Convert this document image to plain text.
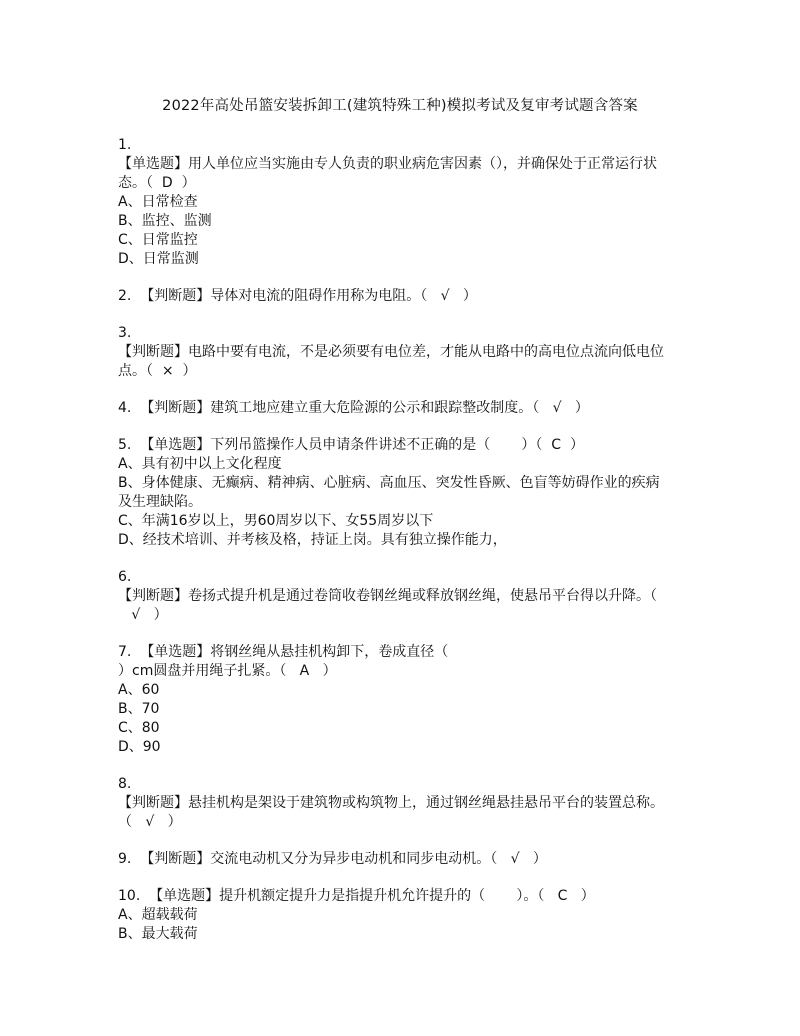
2022年高处吊篮安装拆卸工(建筑特殊工种)模拟考试及复审考试题含答案
1.
【单选题】用人单位应当实施由专人负责的职业病危害因素（），并确保处于正常运行状
态。（  D  ）
A、日常检查
B、监控、监测
C、日常监控
D、日常监测
2.  【判断题】导体对电流的阻碍作用称为电阻。（   √   ）
3.
【判断题】电路中要有电流，不是必须要有电位差，才能从电路中的高电位点流向低电位
点。（  ×  ）
4.  【判断题】建筑工地应建立重大危险源的公示和跟踪整改制度。（   √   ）
5.  【单选题】下列吊篮操作人员申请条件讲述不正确的是（       ）（  C  ）
A、具有初中以上文化程度
B、身体健康、无癫病、精神病、心脏病、高血压、突发性昏厥、色盲等妨碍作业的疾病
及生理缺陷。
C、年满16岁以上，男60周岁以下、女55周岁以下
D、经技术培训、并考核及格，持证上岗。具有独立操作能力，
6.
【判断题】卷扬式提升机是通过卷筒收卷钢丝绳或释放钢丝绳，使悬吊平台得以升降。（
√   ）
7.  【单选题】将钢丝绳从悬挂机构卸下，卷成直径（
）cm圆盘并用绳子扎紧。（   A   ）
A、60
B、70
C、80
D、90
8.
【判断题】悬挂机构是架设于建筑物或构筑物上，通过钢丝绳悬挂悬吊平台的装置总称。
（   √   ）
9.  【判断题】交流电动机又分为异步电动机和同步电动机。（   √   ）
10.  【单选题】提升机额定提升力是指提升机允许提升的（       ）。（   C   ）
A、超载载荷
B、最大载荷
